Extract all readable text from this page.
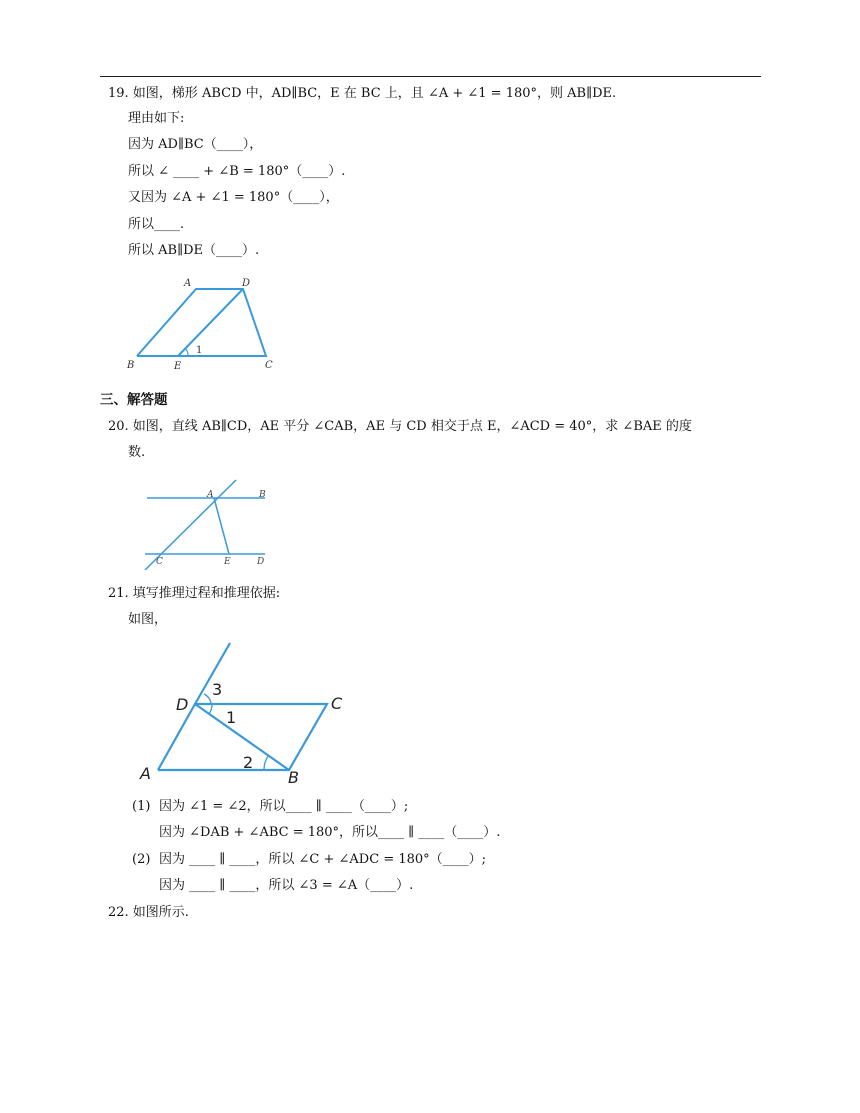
19. 如图，梯形 ABCD 中，AD∥BC，E 在 BC 上，且 ∠A + ∠1 = 180°，则 AB∥DE.
理由如下:
因为 AD∥BC（____），
所以 ∠ ____ + ∠B = 180°（____）.
又因为 ∠A + ∠1 = 180°（____），
所以____.
所以 AB∥DE（____）.
A	D
B	E	C
1
三、解答题
20. 如图，直线 AB∥CD，AE 平分 ∠CAB，AE 与 CD 相交于点 E，∠ACD = 40°，求 ∠BAE 的度
数.
A	B
C	E	D
21. 填写推理过程和推理依据:
如图，
D	C
A	B
3
1
2
(1) 因为 ∠1 = ∠2，所以____ ∥ ____（____）;
因为 ∠DAB + ∠ABC = 180°，所以____ ∥ ____（____）.
(2) 因为 ____ ∥ ____，所以 ∠C + ∠ADC = 180°（____）;
因为 ____ ∥ ____，所以 ∠3 = ∠A（____）.
22. 如图所示.
